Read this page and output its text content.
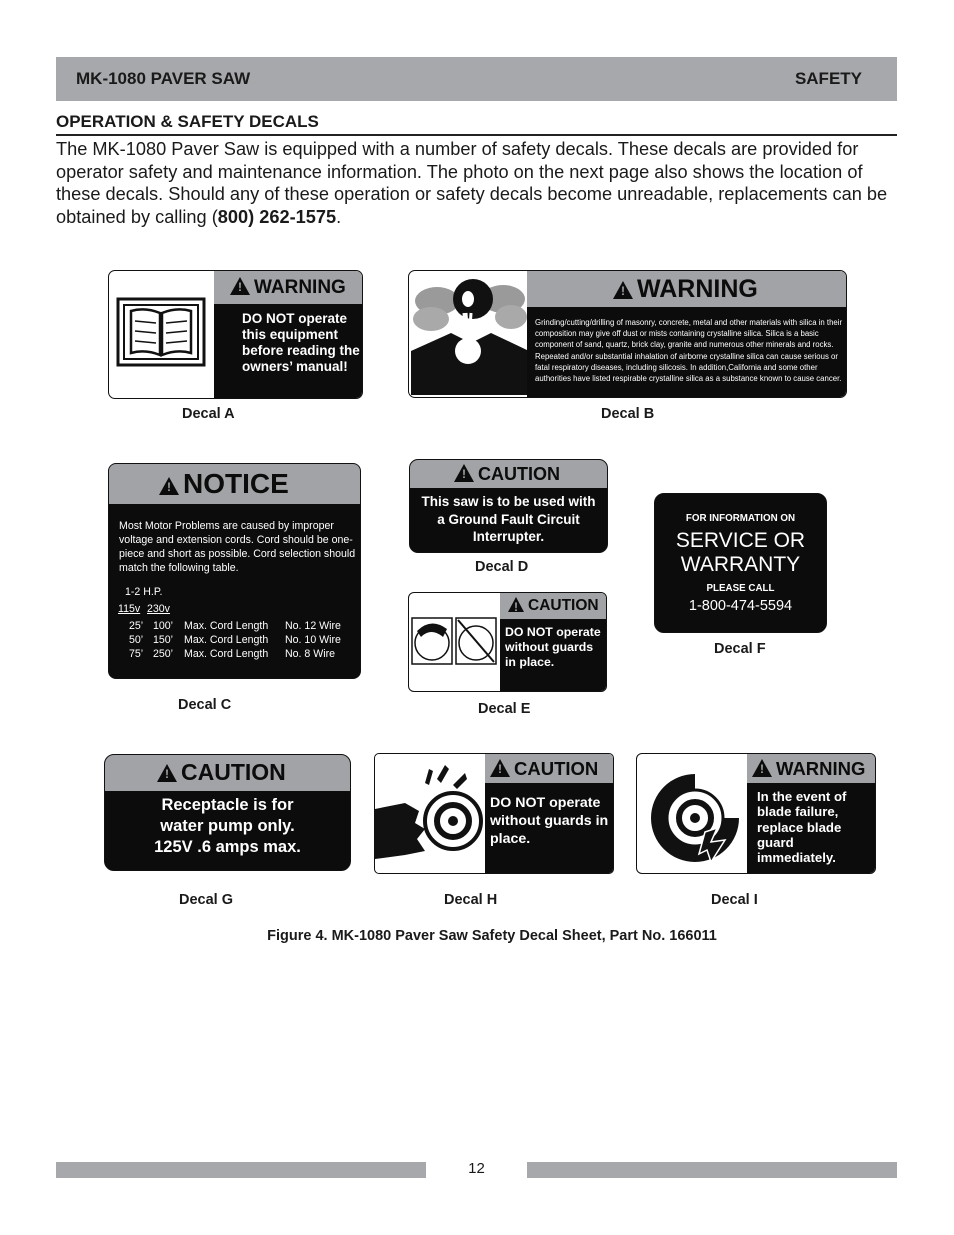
MK-1080 PAVER SAW	SAFETY
OPERATION & SAFETY DECALS
The MK-1080 Paver Saw is equipped with a number of safety decals. These decals are provided for operator safety and maintenance information. The photo on the next page also shows the location of these decals. Should any of these operation or safety decals become unreadable, replacements can be obtained by calling (800) 262-1575.
!WARNING
DO NOT operate this equipment before reading the owners’ manual!
Decal A
!WARNING
Grinding/cutting/drilling of masonry, concrete, metal and other materials with silica in their composition may give off dust or mists containing crystalline silica. Silica is a basic component of sand, quartz, brick clay, granite and numerous other minerals and rocks. Repeated and/or substantial inhalation of airborne crystalline silica can cause serious or fatal respiratory diseases, including silicosis. In addition,California and some other authorities have listed respirable crystalline silica as a substance known to cause cancer.
Decal B
!NOTICE
Most Motor Problems are caused by improper voltage and extension cords. Cord should be one-piece and short as possible. Cord selection should match the following table.
1-2 H.P.
115v 230v
25’ 100’ Max. Cord Length No. 12 Wire
50’ 150’ Max. Cord Length No. 10 Wire
75’ 250’ Max. Cord Length No. 8 Wire
Decal C
!CAUTION
This saw is to be used with a Ground Fault Circuit Interrupter.
Decal D
!CAUTION
DO NOT operate without guards in place.
Decal E
FOR INFORMATION ON
SERVICE OR
WARRANTY
PLEASE CALL
1-800-474-5594
Decal F
!CAUTION
Receptacle is for
water pump only.
125V .6 amps max.
Decal G
!CAUTION
DO NOT operate without guards in place.
Decal H
!WARNING
In the event of blade failure, replace blade guard immediately.
Decal I
Figure 4. MK-1080 Paver Saw Safety Decal Sheet, Part No. 166011
12
